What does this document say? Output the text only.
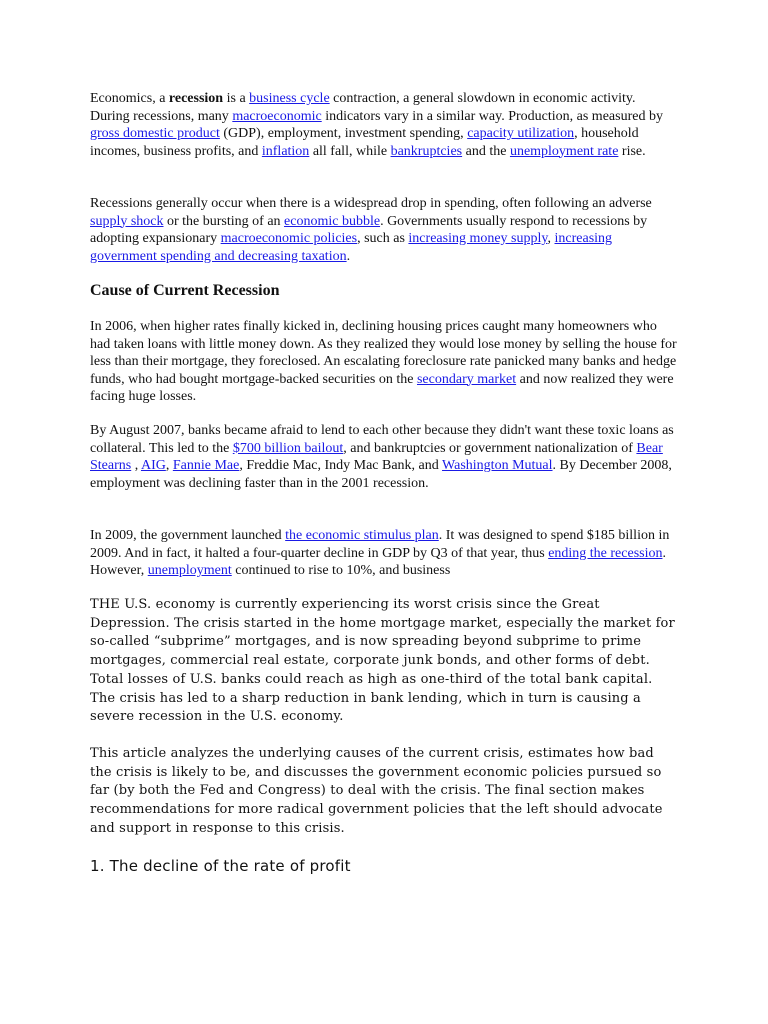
Economics, a recession is a business cycle contraction, a general slowdown in economic activity. During recessions, many macroeconomic indicators vary in a similar way. Production, as measured by gross domestic product (GDP), employment, investment spending, capacity utilization, household incomes, business profits, and inflation all fall, while bankruptcies and the unemployment rate rise.

Recessions generally occur when there is a widespread drop in spending, often following an adverse supply shock or the bursting of an economic bubble. Governments usually respond to recessions by adopting expansionary macroeconomic policies, such as increasing money supply, increasing government spending and decreasing taxation.

Cause of Current Recession

In 2006, when higher rates finally kicked in, declining housing prices caught many homeowners who had taken loans with little money down. As they realized they would lose money by selling the house for less than their mortgage, they foreclosed. An escalating foreclosure rate panicked many banks and hedge funds, who had bought mortgage-backed securities on the secondary market and now realized they were facing huge losses.

By August 2007, banks became afraid to lend to each other because they didn't want these toxic loans as collateral. This led to the $700 billion bailout, and bankruptcies or government nationalization of Bear Stearns , AIG, Fannie Mae, Freddie Mac, Indy Mac Bank, and Washington Mutual. By December 2008, employment was declining faster than in the 2001 recession.

In 2009, the government launched the economic stimulus plan. It was designed to spend $185 billion in 2009. And in fact, it halted a four-quarter decline in GDP by Q3 of that year, thus ending the recession. However, unemployment continued to rise to 10%, and business

THE U.S. economy is currently experiencing its worst crisis since the Great Depression. The crisis started in the home mortgage market, especially the market for so-called “subprime” mortgages, and is now spreading beyond subprime to prime mortgages, commercial real estate, corporate junk bonds, and other forms of debt. Total losses of U.S. banks could reach as high as one-third of the total bank capital. The crisis has led to a sharp reduction in bank lending, which in turn is causing a severe recession in the U.S. economy.

This article analyzes the underlying causes of the current crisis, estimates how bad the crisis is likely to be, and discusses the government economic policies pursued so far (by both the Fed and Congress) to deal with the crisis. The final section makes recommendations for more radical government policies that the left should advocate and support in response to this crisis.

1. The decline of the rate of profit
